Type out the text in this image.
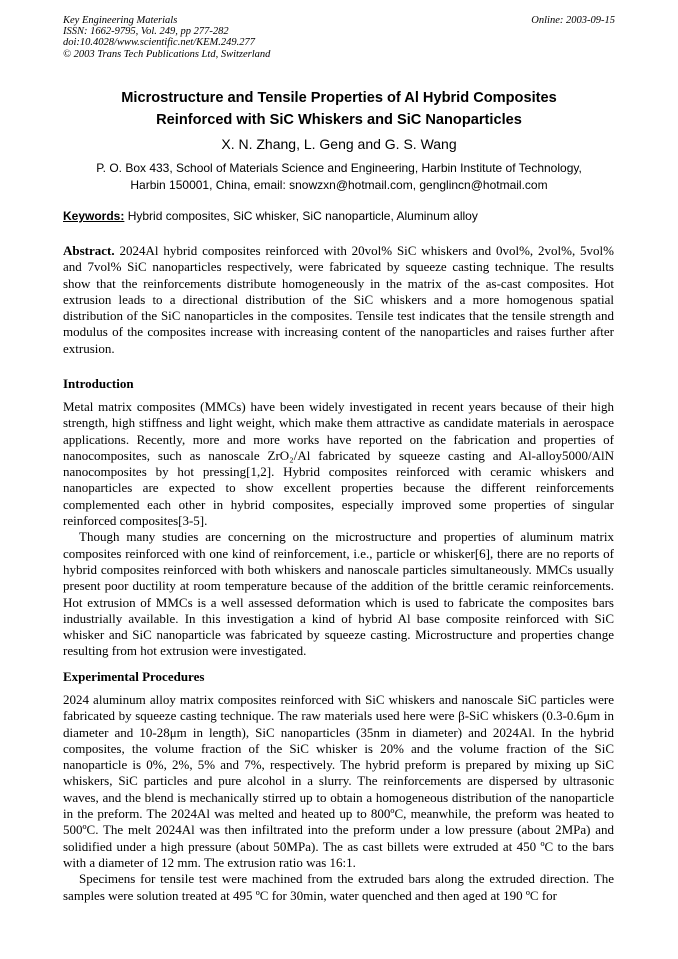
Key Engineering Materials
ISSN: 1662-9795, Vol. 249, pp 277-282
doi:10.4028/www.scientific.net/KEM.249.277
© 2003 Trans Tech Publications Ltd, Switzerland
Online: 2003-09-15
Microstructure and Tensile Properties of Al Hybrid Composites
Reinforced with SiC Whiskers and SiC Nanoparticles
X. N. Zhang, L. Geng and G. S. Wang
P. O. Box 433, School of Materials Science and Engineering, Harbin Institute of Technology,
Harbin 150001, China, email: snowzxn@hotmail.com, genglincn@hotmail.com
Keywords: Hybrid composites, SiC whisker, SiC nanoparticle, Aluminum alloy

Abstract. 2024Al hybrid composites reinforced with 20vol% SiC whiskers and 0vol%, 2vol%, 5vol% and 7vol% SiC nanoparticles respectively, were fabricated by squeeze casting technique. The results show that the reinforcements distribute homogeneously in the matrix of the as-cast composites. Hot extrusion leads to a directional distribution of the SiC whiskers and a more homogenous spatial distribution of the SiC nanoparticles in the composites. Tensile test indicates that the tensile strength and modulus of the composites increase with increasing content of the nanoparticles and raises further after extrusion.

Introduction

Metal matrix composites (MMCs) have been widely investigated in recent years because of their high strength, high stiffness and light weight, which make them attractive as candidate materials in aerospace applications. Recently, more and more works have reported on the fabrication and properties of nanocomposites, such as nanoscale ZrO₂/Al fabricated by squeeze casting and Al-alloy5000/AlN nanocomposites by hot pressing[1,2]. Hybrid composites reinforced with ceramic whiskers and nanoparticles are expected to show excellent properties because the different reinforcements complemented each other in hybrid composites, especially improved some properties of singular reinforced composites[3-5].

Though many studies are concerning on the microstructure and properties of aluminum matrix composites reinforced with one kind of reinforcement, i.e., particle or whisker[6], there are no reports of hybrid composites reinforced with both whiskers and nanoscale particles simultaneously. MMCs usually present poor ductility at room temperature because of the addition of the brittle ceramic reinforcements. Hot extrusion of MMCs is a well assessed deformation which is used to fabricate the composites bars industrially available. In this investigation a kind of hybrid Al base composite reinforced with SiC whisker and SiC nanoparticle was fabricated by squeeze casting. Microstructure and properties change resulting from hot extrusion were investigated.

Experimental Procedures

2024 aluminum alloy matrix composites reinforced with SiC whiskers and nanoscale SiC particles were fabricated by squeeze casting technique. The raw materials used here were β-SiC whiskers (0.3-0.6μm in diameter and 10-28μm in length), SiC nanoparticles (35nm in diameter) and 2024Al. In the hybrid composites, the volume fraction of the SiC whisker is 20% and the volume fraction of the SiC nanoparticle is 0%, 2%, 5% and 7%, respectively. The hybrid preform is prepared by mixing up SiC whiskers, SiC particles and pure alcohol in a slurry. The reinforcements are dispersed by ultrasonic waves, and the blend is mechanically stirred up to obtain a homogeneous distribution of the nanoparticle in the preform. The 2024Al was melted and heated up to 800ºC, meanwhile, the preform was heated to 500ºC. The melt 2024Al was then infiltrated into the preform under a low pressure (about 2MPa) and solidified under a high pressure (about 50MPa). The as cast billets were extruded at 450 ºC to the bars with a diameter of 12 mm. The extrusion ratio was 16:1.

Specimens for tensile test were machined from the extruded bars along the extruded direction. The samples were solution treated at 495 ºC for 30min, water quenched and then aged at 190 ºC for
